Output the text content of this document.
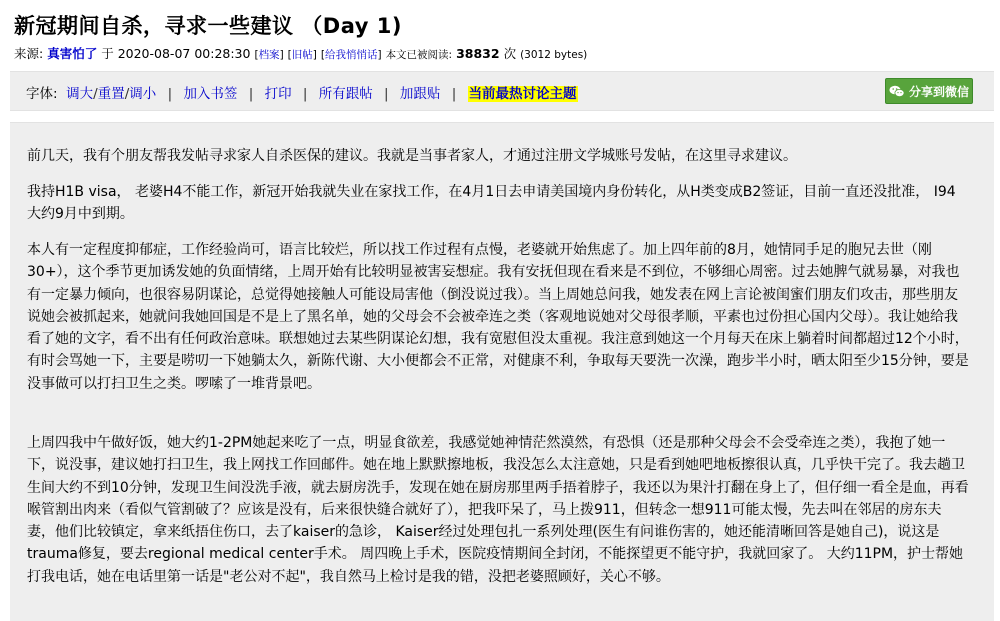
新冠期间自杀，寻求一些建议 （Day 1)
来源: 真害怕了 于 2020-08-07 00:28:30 [档案] [旧帖] [给我悄悄话] 本文已被阅读: 38832 次 (3012 bytes)
字体: 调大/重置/调小 | 加入书签 | 打印 | 所有跟帖 | 加跟贴 | 当前最热讨论主题	分享到微信

前几天，我有个朋友帮我发帖寻求家人自杀医保的建议。我就是当事者家人，才通过注册文学城账号发帖，在这里寻求建议。

我持H1B visa， 老婆H4不能工作，新冠开始我就失业在家找工作，在4月1日去申请美国境内身份转化，从H类变成B2签证，目前一直还没批准， I94大约9月中到期。

本人有一定程度抑郁症，工作经验尚可，语言比较烂，所以找工作过程有点慢，老婆就开始焦虑了。加上四年前的8月，她情同手足的胞兄去世（刚30+），这个季节更加诱发她的负面情绪，上周开始有比较明显被害妄想症。我有安抚但现在看来是不到位，不够细心周密。过去她脾气就易暴，对我也有一定暴力倾向，也很容易阴谋论，总觉得她接触人可能设局害他（倒没说过我）。当上周她总问我，她发表在网上言论被闺蜜们朋友们攻击，那些朋友说她会被抓起来，她就问我她回国是不是上了黑名单，她的父母会不会被牵连之类（客观地说她对父母很孝顺，平素也过份担心国内父母）。我让她给我看了她的文字，看不出有任何政治意味。联想她过去某些阴谋论幻想，我有宽慰但没太重视。我注意到她这一个月每天在床上躺着时间都超过12个小时，有时会骂她一下，主要是唠叨一下她躺太久，新陈代谢、大小便都会不正常，对健康不利，争取每天要洗一次澡，跑步半小时，晒太阳至少15分钟，要是没事做可以打扫卫生之类。啰嗦了一堆背景吧。

上周四我中午做好饭，她大约1-2PM她起来吃了一点，明显食欲差，我感觉她神情茫然漠然，有恐惧（还是那种父母会不会受牵连之类），我抱了她一下，说没事，建议她打扫卫生，我上网找工作回邮件。她在地上默默擦地板，我没怎么太注意她，只是看到她吧地板擦很认真，几乎快干完了。我去趟卫生间大约不到10分钟，发现卫生间没洗手液，就去厨房洗手，发现在她在厨房那里两手捂着脖子，我还以为果汁打翻在身上了，但仔细一看全是血，再看喉管割出肉来（看似气管割破了？应该是没有，后来很快缝合就好了），把我吓呆了，马上拨911，但转念一想911可能太慢，先去叫在邻居的房东夫妻，他们比较镇定，拿来纸捂住伤口，去了kaiser的急诊， Kaiser经过处理包扎一系列处理(医生有问谁伤害的，她还能清晰回答是她自己)，说这是trauma修复，要去regional medical center手术。 周四晚上手术，医院疫情期间全封闭，不能探望更不能守护，我就回家了。 大约11PM，护士帮她打我电话，她在电话里第一话是"老公对不起"，我自然马上检讨是我的错，没把老婆照顾好，关心不够。
